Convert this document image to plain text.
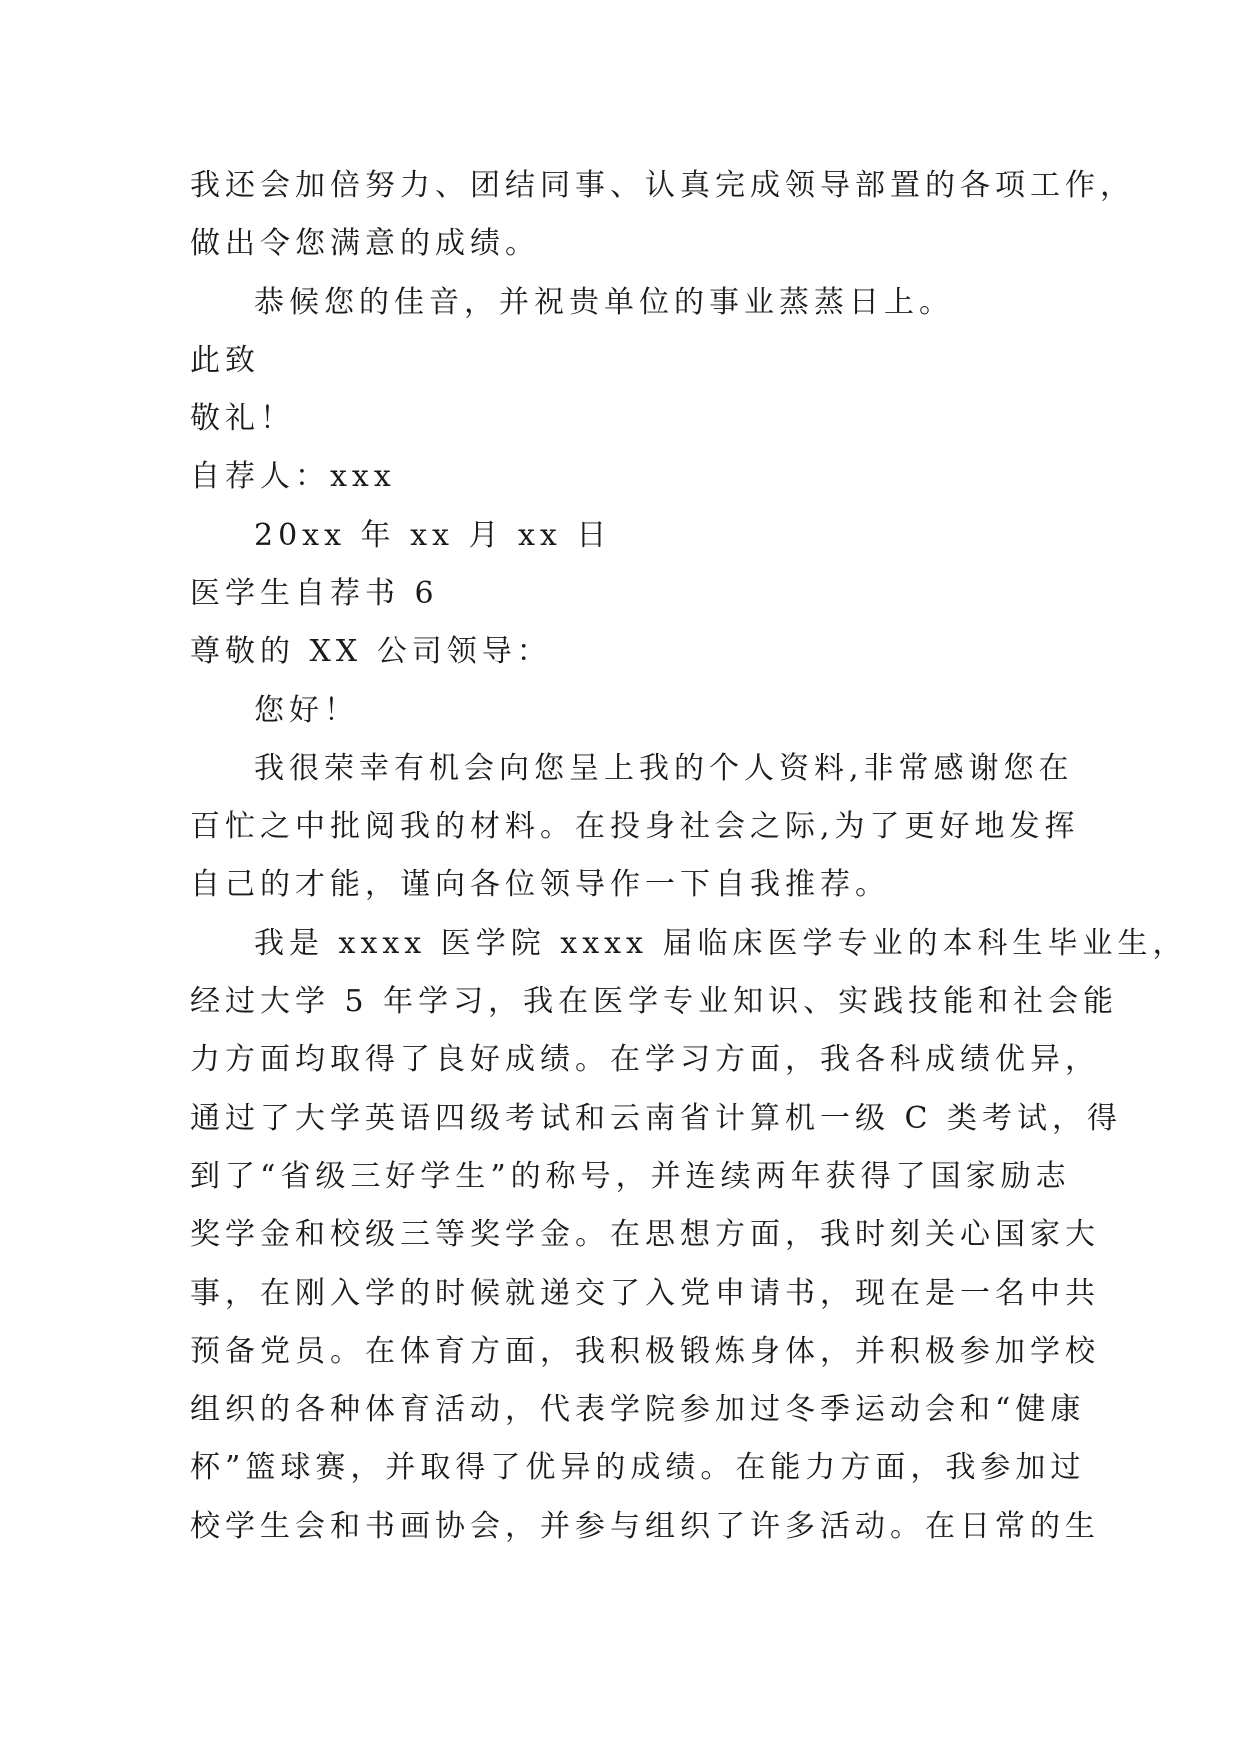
我还会加倍努力、团结同事、认真完成领导部置的各项工作，
做出令您满意的成绩。
恭候您的佳音，并祝贵单位的事业蒸蒸日上。
此致
敬礼！
自荐人：xxx
20xx 年 xx 月 xx 日
医学生自荐书 6
尊敬的 XX 公司领导：
您好！
我很荣幸有机会向您呈上我的个人资料,非常感谢您在
百忙之中批阅我的材料。在投身社会之际,为了更好地发挥
自己的才能，谨向各位领导作一下自我推荐。
我是 xxxx 医学院 xxxx 届临床医学专业的本科生毕业生，
经过大学 5 年学习，我在医学专业知识、实践技能和社会能
力方面均取得了良好成绩。在学习方面，我各科成绩优异，
通过了大学英语四级考试和云南省计算机一级 C 类考试，得
到了“省级三好学生”的称号，并连续两年获得了国家励志
奖学金和校级三等奖学金。在思想方面，我时刻关心国家大
事，在刚入学的时候就递交了入党申请书，现在是一名中共
预备党员。在体育方面，我积极锻炼身体，并积极参加学校
组织的各种体育活动，代表学院参加过冬季运动会和“健康
杯”篮球赛，并取得了优异的成绩。在能力方面，我参加过
校学生会和书画协会，并参与组织了许多活动。在日常的生
